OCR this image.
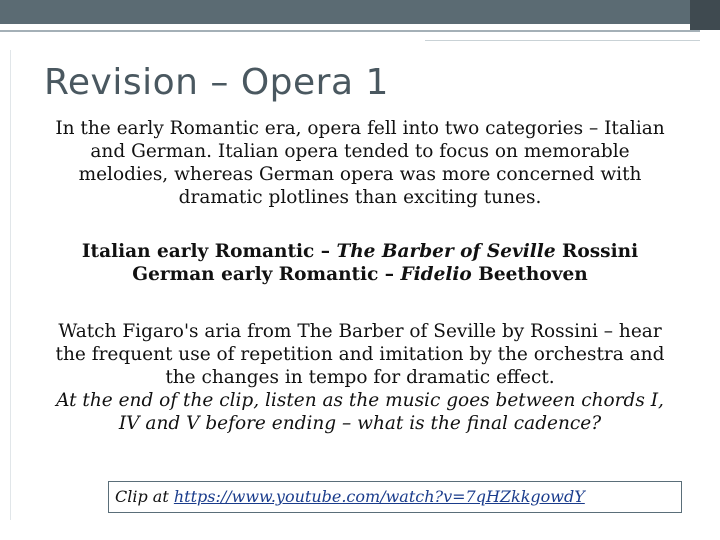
Revision – Opera 1
In the early Romantic era, opera fell into two categories – Italian
and German. Italian opera tended to focus on memorable
melodies, whereas German opera was more concerned with
dramatic plotlines than exciting tunes.
Italian early Romantic – The Barber of Seville Rossini
German early Romantic – Fidelio Beethoven
Watch Figaro's aria from The Barber of Seville by Rossini – hear
the frequent use of repetition and imitation by the orchestra and
the changes in tempo for dramatic effect.
At the end of the clip, listen as the music goes between chords I,
IV and V before ending – what is the final cadence?
Clip at https://www.youtube.com/watch?v=7qHZkkgowdY
